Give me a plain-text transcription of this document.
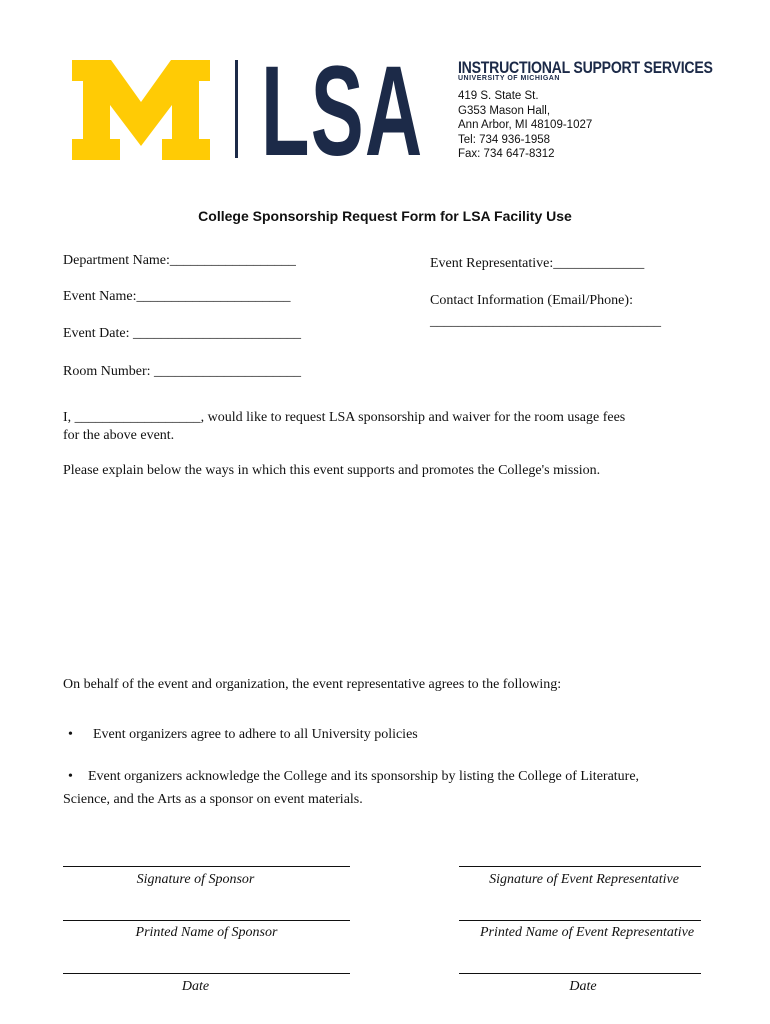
LSA INSTRUCTIONAL SUPPORT SERVICES
UNIVERSITY OF MICHIGAN
419 S. State St.
G353 Mason Hall,
Ann Arbor, MI 48109-1027
Tel: 734 936-1958
Fax: 734 647-8312
College Sponsorship Request Form for LSA Facility Use
Department Name:__________________	Event Representative:_____________
Event Name:______________________	Contact Information (Email/Phone):
_________________________________
Event Date: ________________________
Room Number: _____________________
I, __________________, would like to request LSA sponsorship and waiver for the room usage fees
for the above event.
Please explain below the ways in which this event supports and promotes the College's mission.
On behalf of the event and organization, the event representative agrees to the following:
• Event organizers agree to adhere to all University policies
• Event organizers acknowledge the College and its sponsorship by listing the College of Literature,
Science, and the Arts as a sponsor on event materials.
Signature of Sponsor
Printed Name of Sponsor
Date
Signature of Event Representative
Printed Name of Event Representative
Date
